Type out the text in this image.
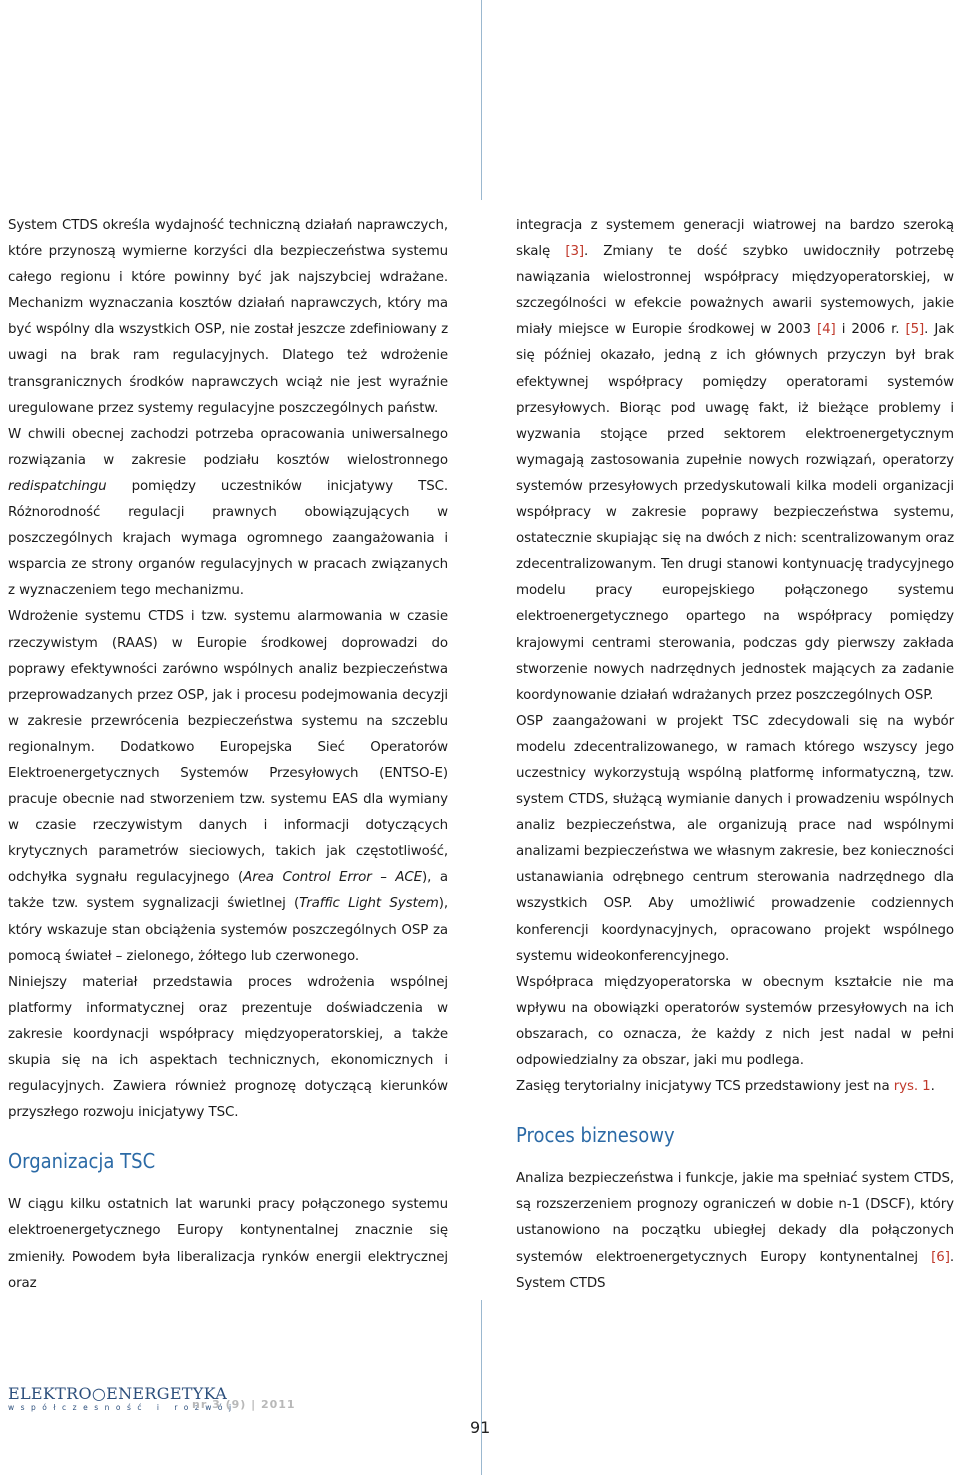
System CTDS określa wydajność techniczną działań naprawczych, które przynoszą wymierne korzyści dla bezpieczeństwa systemu całego regionu i które powinny być jak najszybciej wdrażane. Mechanizm wyznaczania kosztów działań naprawczych, który ma być wspólny dla wszystkich OSP, nie został jeszcze zdefiniowany z uwagi na brak ram regulacyjnych. Dlatego też wdrożenie transgranicznych środków naprawczych wciąż nie jest wyraźnie uregulowane przez systemy regulacyjne poszczególnych państw.

W chwili obecnej zachodzi potrzeba opracowania uniwersalnego rozwiązania w zakresie podziału kosztów wielostronnego redispatchingu pomiędzy uczestników inicjatywy TSC. Różnorodność regulacji prawnych obowiązujących w poszczególnych krajach wymaga ogromnego zaangażowania i wsparcia ze strony organów regulacyjnych w pracach związanych z wyznaczeniem tego mechanizmu.

Wdrożenie systemu CTDS i tzw. systemu alarmowania w czasie rzeczywistym (RAAS) w Europie środkowej doprowadzi do poprawy efektywności zarówno wspólnych analiz bezpieczeństwa przeprowadzanych przez OSP, jak i procesu podejmowania decyzji w zakresie przewrócenia bezpieczeństwa systemu na szczeblu regionalnym. Dodatkowo Europejska Sieć Operatorów Elektroenergetycznych Systemów Przesyłowych (ENTSO-E) pracuje obecnie nad stworzeniem tzw. systemu EAS dla wymiany w czasie rzeczywistym danych i informacji dotyczących krytycznych parametrów sieciowych, takich jak częstotliwość, odchyłka sygnału regulacyjnego (Area Control Error – ACE), a także tzw. system sygnalizacji świetlnej (Traffic Light System), który wskazuje stan obciążenia systemów poszczególnych OSP za pomocą świateł – zielonego, żółtego lub czerwonego.

Niniejszy materiał przedstawia proces wdrożenia wspólnej platformy informatycznej oraz prezentuje doświadczenia w zakresie koordynacji współpracy międzyoperatorskiej, a także skupia się na ich aspektach technicznych, ekonomicznych i regulacyjnych. Zawiera również prognozę dotyczącą kierunków przyszłego rozwoju inicjatywy TSC.

Organizacja TSC

W ciągu kilku ostatnich lat warunki pracy połączonego systemu elektroenergetycznego Europy kontynentalnej znacznie się zmieniły. Powodem była liberalizacja rynków energii elektrycznej oraz

integracja z systemem generacji wiatrowej na bardzo szeroką skalę [3]. Zmiany te dość szybko uwidoczniły potrzebę nawiązania wielostronnej współpracy międzyoperatorskiej, w szczególności w efekcie poważnych awarii systemowych, jakie miały miejsce w Europie środkowej w 2003 [4] i 2006 r. [5]. Jak się później okazało, jedną z ich głównych przyczyn był brak efektywnej współpracy pomiędzy operatorami systemów przesyłowych. Biorąc pod uwagę fakt, iż bieżące problemy i wyzwania stojące przed sektorem elektroenergetycznym wymagają zastosowania zupełnie nowych rozwiązań, operatorzy systemów przesyłowych przedyskutowali kilka modeli organizacji współpracy w zakresie poprawy bezpieczeństwa systemu, ostatecznie skupiając się na dwóch z nich: scentralizowanym oraz zdecentralizowanym. Ten drugi stanowi kontynuację tradycyjnego modelu pracy europejskiego połączonego systemu elektroenergetycznego opartego na współpracy pomiędzy krajowymi centrami sterowania, podczas gdy pierwszy zakłada stworzenie nowych nadrzędnych jednostek mających za zadanie koordynowanie działań wdrażanych przez poszczególnych OSP.

OSP zaangażowani w projekt TSC zdecydowali się na wybór modelu zdecentralizowanego, w ramach którego wszyscy jego uczestnicy wykorzystują wspólną platformę informatyczną, tzw. system CTDS, służącą wymianie danych i prowadzeniu wspólnych analiz bezpieczeństwa, ale organizują prace nad wspólnymi analizami bezpieczeństwa we własnym zakresie, bez konieczności ustanawiania odrębnego centrum sterowania nadrzędnego dla wszystkich OSP. Aby umożliwić prowadzenie codziennych konferencji koordynacyjnych, opracowano projekt wspólnego systemu wideokonferencyjnego.

Współpraca międzyoperatorska w obecnym kształcie nie ma wpływu na obowiązki operatorów systemów przesyłowych na ich obszarach, co oznacza, że każdy z nich jest nadal w pełni odpowiedzialny za obszar, jaki mu podlega.

Zasięg terytorialny inicjatywy TCS przedstawiony jest na rys. 1.

Proces biznesowy

Analiza bezpieczeństwa i funkcje, jakie ma spełniać system CTDS, są rozszerzeniem prognozy ograniczeń w dobie n-1 (DSCF), który ustanowiono na początku ubiegłej dekady dla połączonych systemów elektroenergetycznych Europy kontynentalnej [6]. System CTDS

ELEKTRO○ENERGETYKA
współczesność i rozwój
nr 3 (9) | 2011
91
